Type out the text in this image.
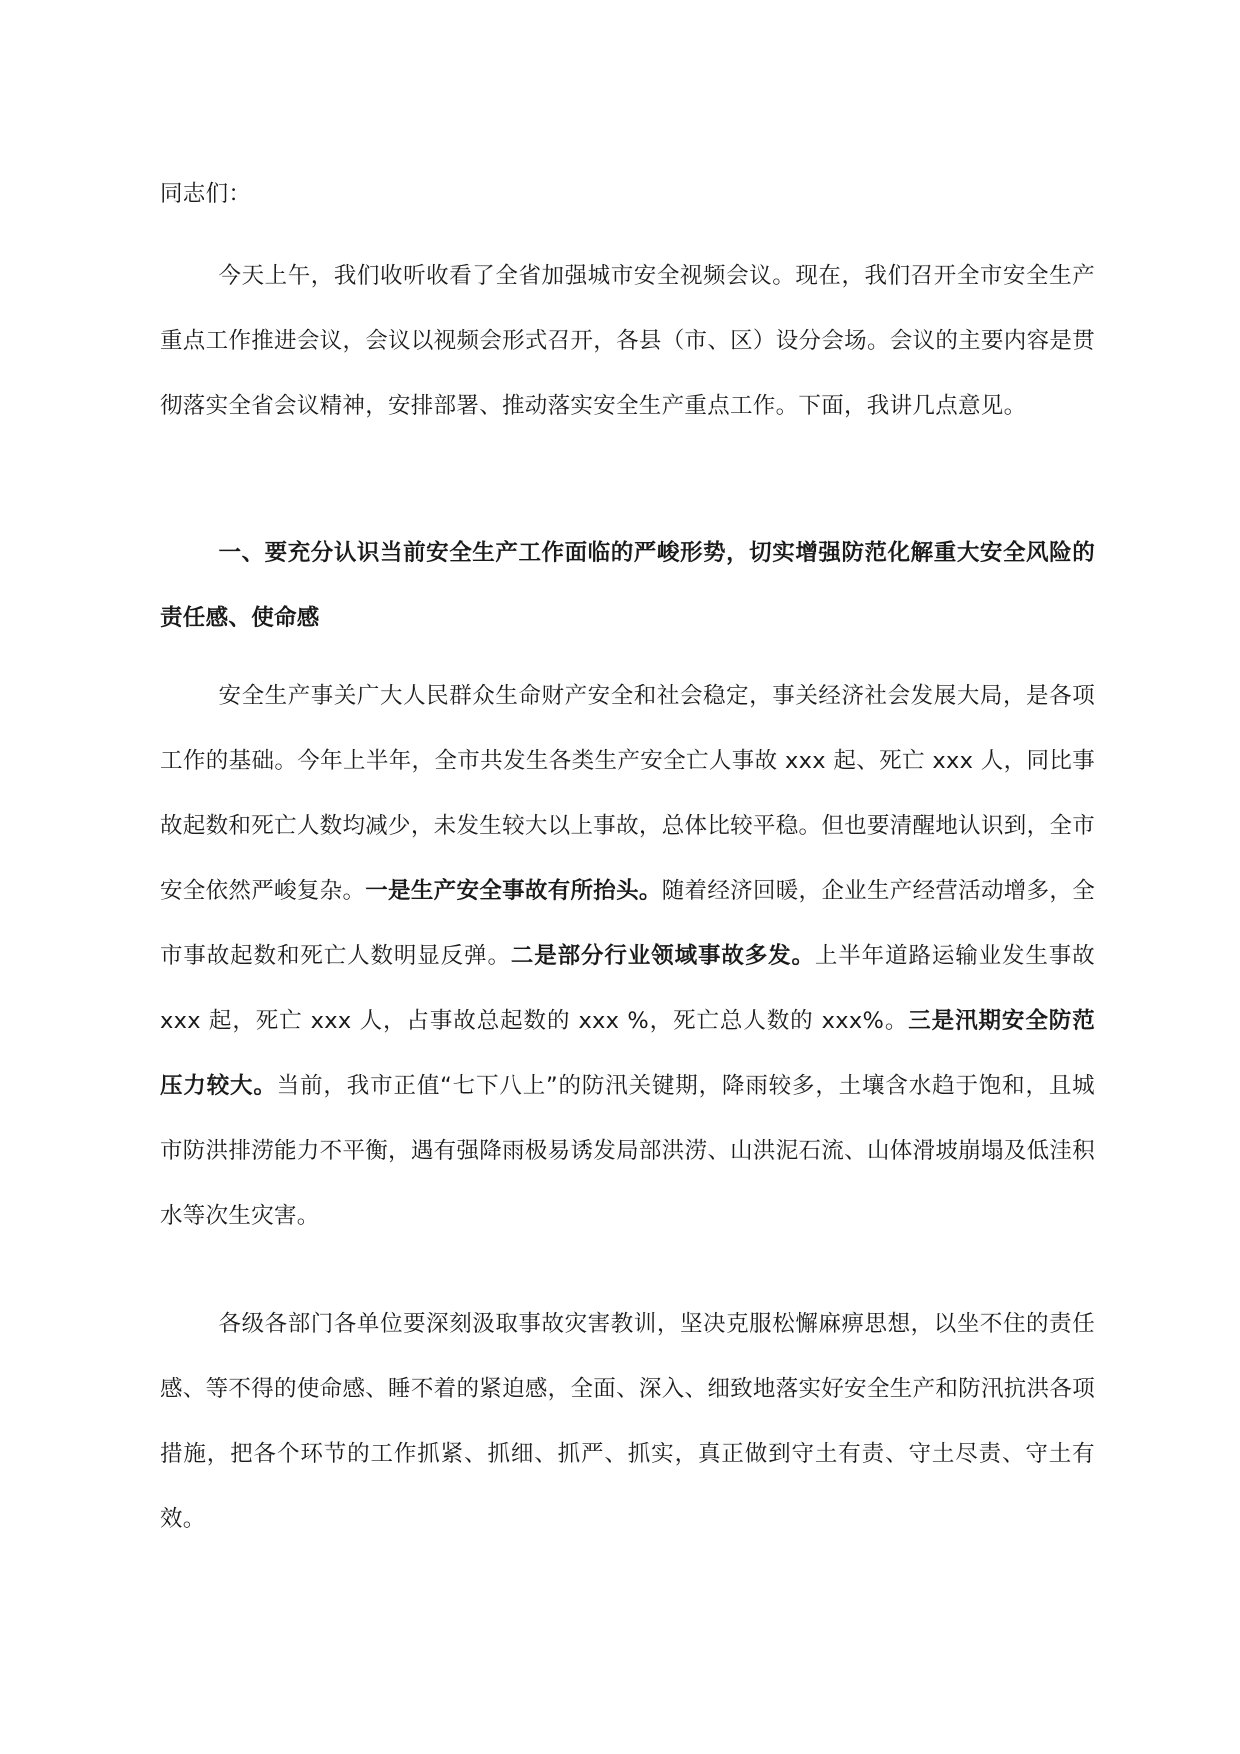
同志们：

今天上午，我们收听收看了全省加强城市安全视频会议。现在，我们召开全市安全生产重点工作推进会议，会议以视频会形式召开，各县（市、区）设分会场。会议的主要内容是贯彻落实全省会议精神，安排部署、推动落实安全生产重点工作。下面，我讲几点意见。

一、要充分认识当前安全生产工作面临的严峻形势，切实增强防范化解重大安全风险的责任感、使命感

安全生产事关广大人民群众生命财产安全和社会稳定，事关经济社会发展大局，是各项工作的基础。今年上半年，全市共发生各类生产安全亡人事故 xxx 起、死亡 xxx 人，同比事故起数和死亡人数均减少，未发生较大以上事故，总体比较平稳。但也要清醒地认识到，全市安全依然严峻复杂。一是生产安全事故有所抬头。随着经济回暖，企业生产经营活动增多，全市事故起数和死亡人数明显反弹。二是部分行业领域事故多发。上半年道路运输业发生事故 xxx 起，死亡 xxx 人，占事故总起数的 xxx %，死亡总人数的 xxx%。三是汛期安全防范压力较大。当前，我市正值“七下八上”的防汛关键期，降雨较多，土壤含水趋于饱和，且城市防洪排涝能力不平衡，遇有强降雨极易诱发局部洪涝、山洪泥石流、山体滑坡崩塌及低洼积水等次生灾害。

各级各部门各单位要深刻汲取事故灾害教训，坚决克服松懈麻痹思想，以坐不住的责任感、等不得的使命感、睡不着的紧迫感，全面、深入、细致地落实好安全生产和防汛抗洪各项措施，把各个环节的工作抓紧、抓细、抓严、抓实，真正做到守土有责、守土尽责、守土有效。
